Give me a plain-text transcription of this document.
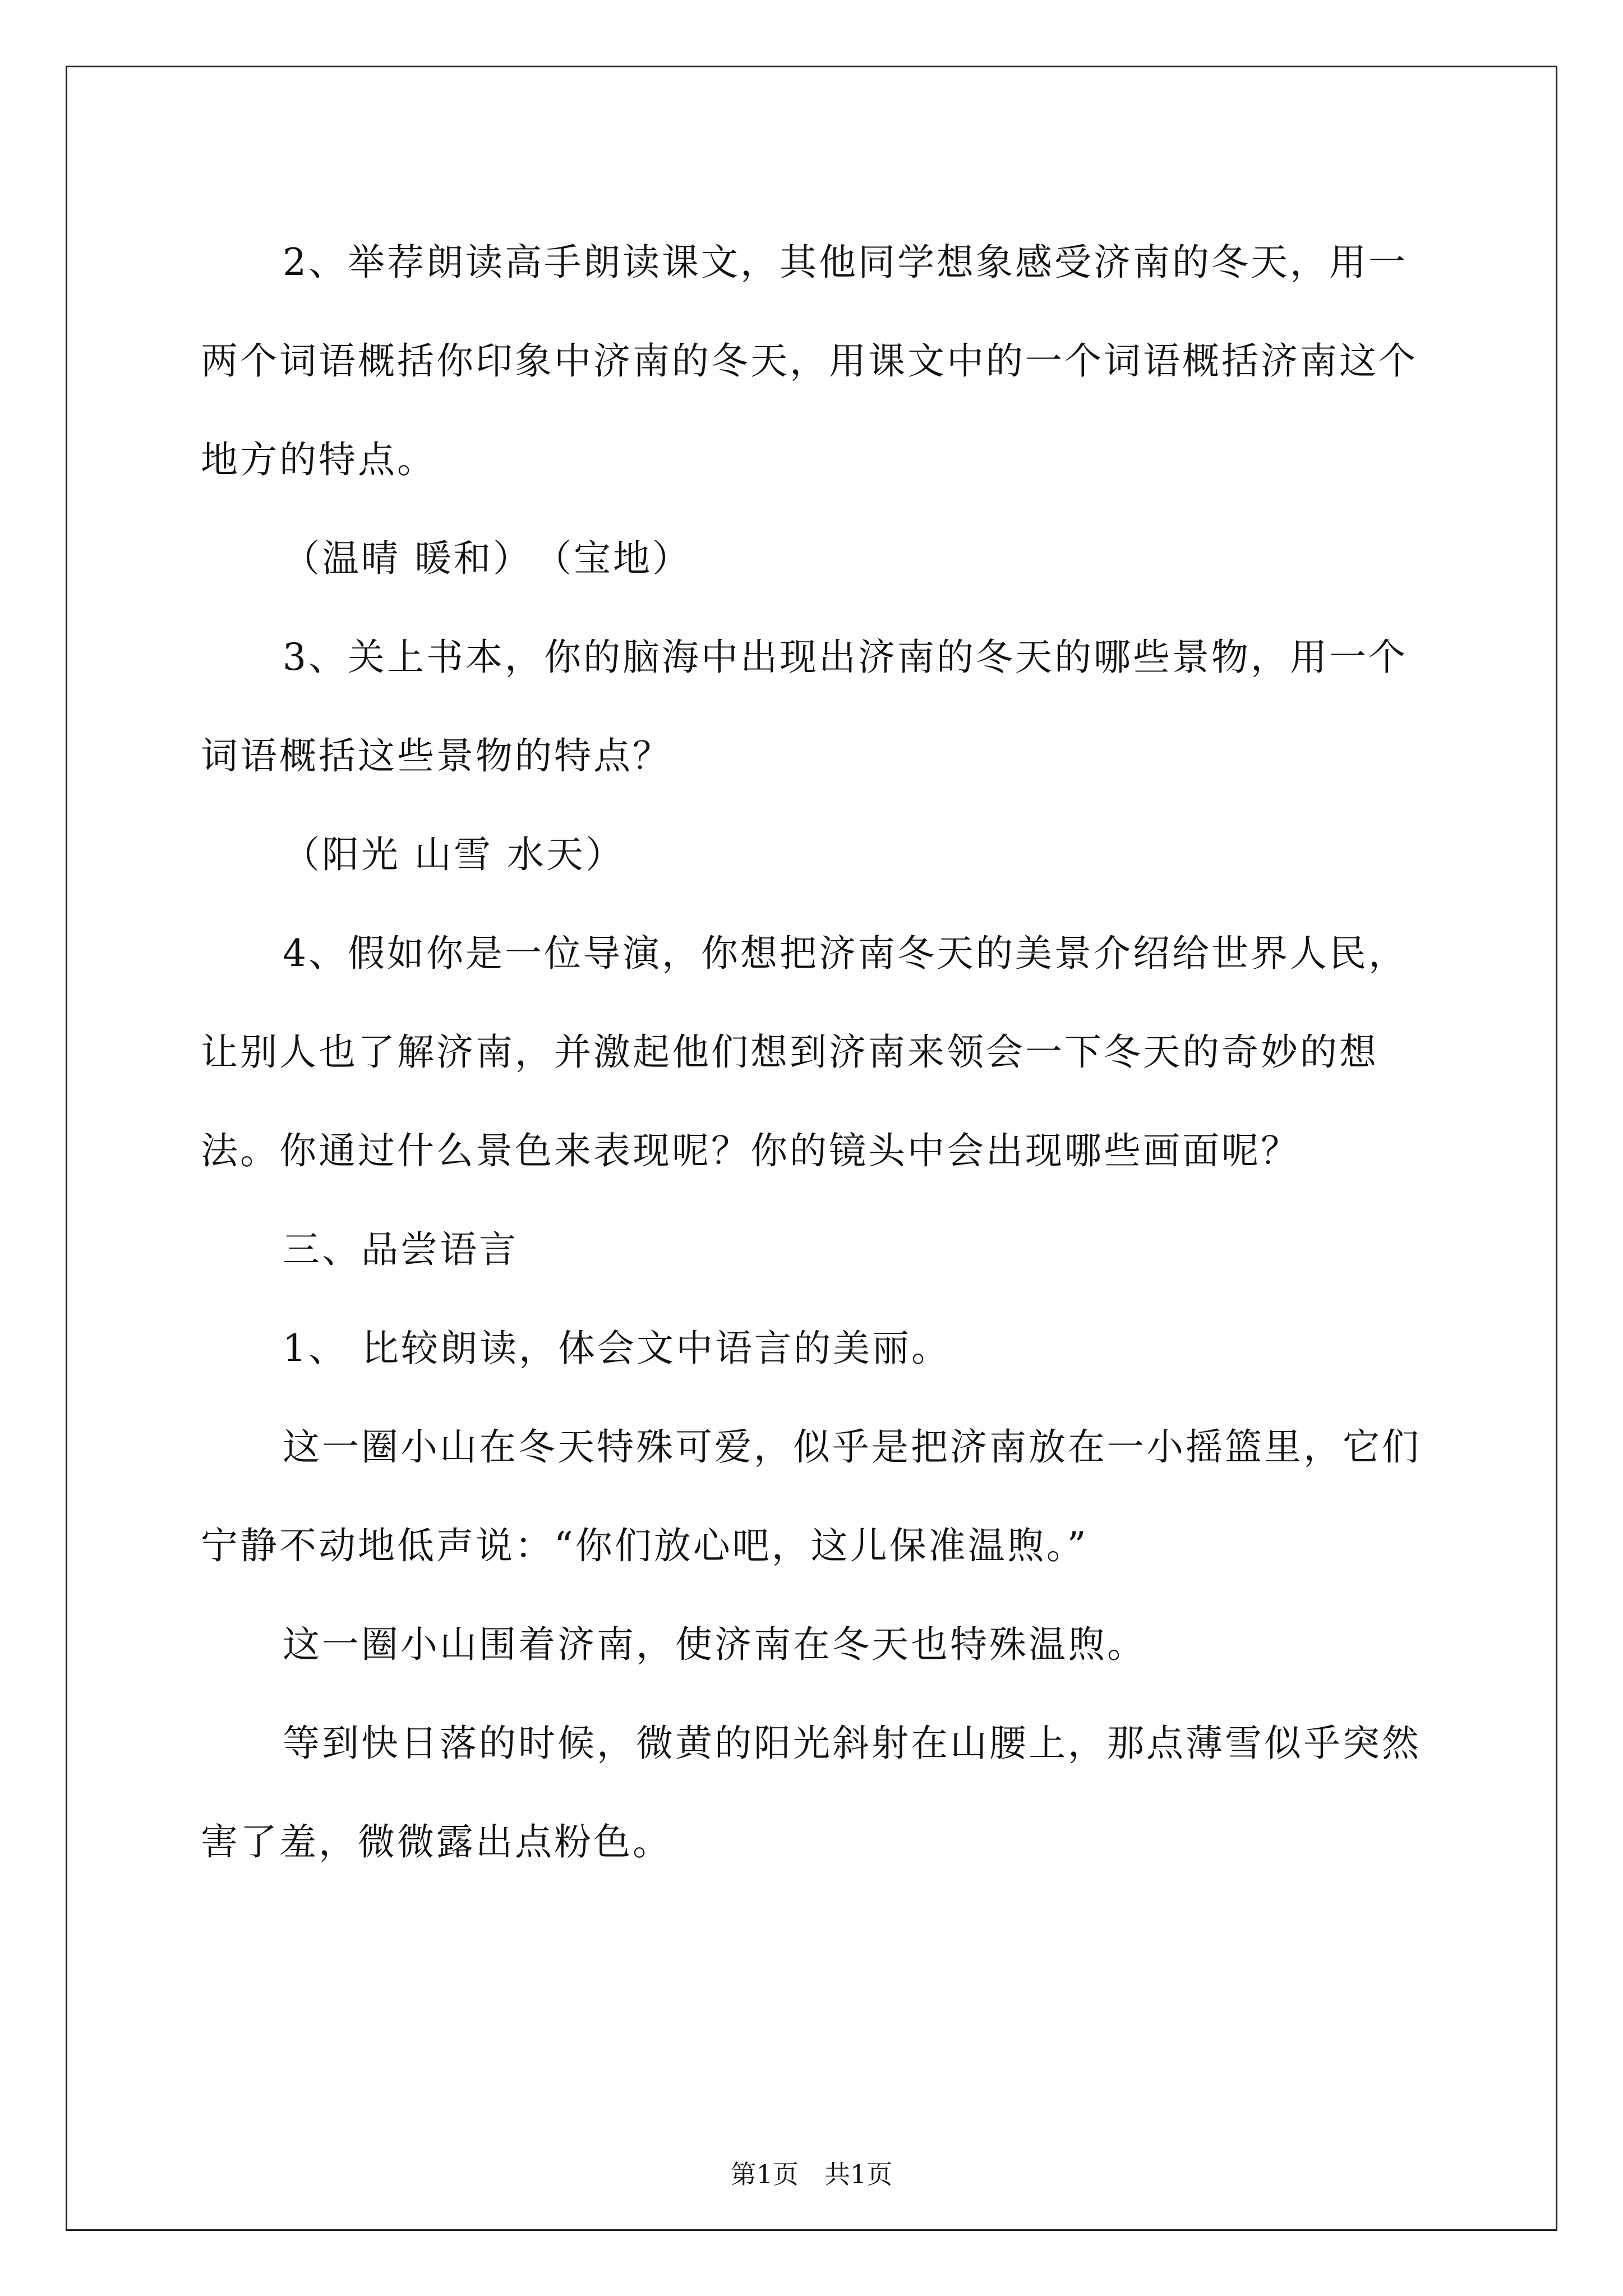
2、举荐朗读高手朗读课文，其他同学想象感受济南的冬天，用一两个词语概括你印象中济南的冬天，用课文中的一个词语概括济南这个地方的特点。

（温晴 暖和）　（宝地）

3、关上书本，你的脑海中出现出济南的冬天的哪些景物，用一个词语概括这些景物的特点？

（阳光 山雪 水天）

4、假如你是一位导演，你想把济南冬天的美景介绍给世界人民，让别人也了解济南，并激起他们想到济南来领会一下冬天的奇妙的想法。你通过什么景色来表现呢？你的镜头中会出现哪些画面呢？

三、品尝语言

1、 比较朗读，体会文中语言的美丽。

这一圈小山在冬天特殊可爱，似乎是把济南放在一小摇篮里，它们宁静不动地低声说：“你们放心吧，这儿保准温煦。”

这一圈小山围着济南，使济南在冬天也特殊温煦。

等到快日落的时候，微黄的阳光斜射在山腰上，那点薄雪似乎突然害了羞，微微露出点粉色。

第1页　共1页
